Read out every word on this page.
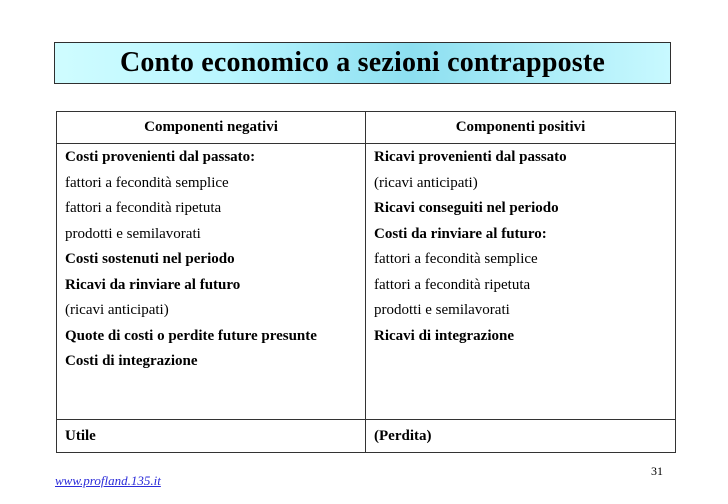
Conto economico a sezioni contrapposte
Componenti negativi	Componenti positivi
Costi provenienti dal passato:
fattori a fecondità semplice
fattori a fecondità ripetuta
prodotti e semilavorati
Costi sostenuti nel periodo
Ricavi da rinviare al futuro
(ricavi anticipati)
Quote di costi o perdite future presunte
Costi di integrazione
Ricavi provenienti dal passato
(ricavi anticipati)
Ricavi conseguiti nel periodo
Costi da rinviare al futuro:
fattori a fecondità semplice
fattori a fecondità ripetuta
prodotti e semilavorati
Ricavi di integrazione
Utile	(Perdita)
31
www.profland.135.it
